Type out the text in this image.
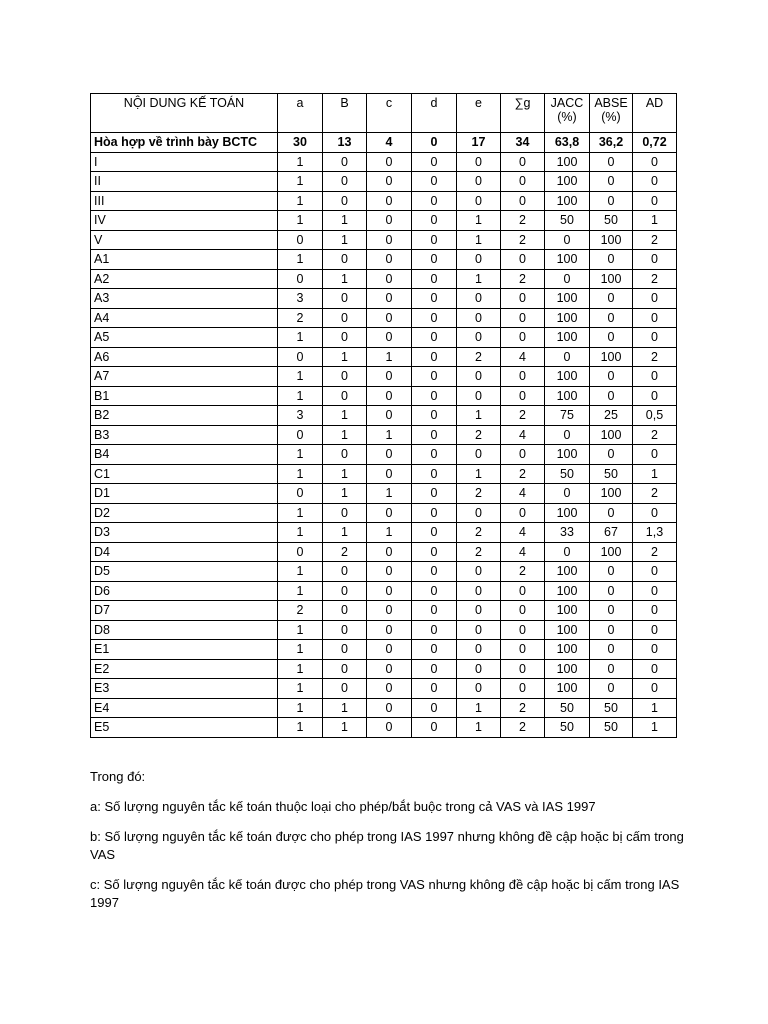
NỘI DUNG KẾ TOÁN	a	B	c	d	e	∑g	JACC (%)	ABSE (%)	AD
Hòa hợp về trình bày BCTC	30	13	4	0	17	34	63,8	36,2	0,72
I	1	0	0	0	0	0	100	0	0
II	1	0	0	0	0	0	100	0	0
III	1	0	0	0	0	0	100	0	0
IV	1	1	0	0	1	2	50	50	1
V	0	1	0	0	1	2	0	100	2
A1	1	0	0	0	0	0	100	0	0
A2	0	1	0	0	1	2	0	100	2
A3	3	0	0	0	0	0	100	0	0
A4	2	0	0	0	0	0	100	0	0
A5	1	0	0	0	0	0	100	0	0
A6	0	1	1	0	2	4	0	100	2
A7	1	0	0	0	0	0	100	0	0
B1	1	0	0	0	0	0	100	0	0
B2	3	1	0	0	1	2	75	25	0,5
B3	0	1	1	0	2	4	0	100	2
B4	1	0	0	0	0	0	100	0	0
C1	1	1	0	0	1	2	50	50	1
D1	0	1	1	0	2	4	0	100	2
D2	1	0	0	0	0	0	100	0	0
D3	1	1	1	0	2	4	33	67	1,3
D4	0	2	0	0	2	4	0	100	2
D5	1	0	0	0	0	2	100	0	0
D6	1	0	0	0	0	0	100	0	0
D7	2	0	0	0	0	0	100	0	0
D8	1	0	0	0	0	0	100	0	0
E1	1	0	0	0	0	0	100	0	0
E2	1	0	0	0	0	0	100	0	0
E3	1	0	0	0	0	0	100	0	0
E4	1	1	0	0	1	2	50	50	1
E5	1	1	0	0	1	2	50	50	1

Trong đó:

a: Số lượng nguyên tắc kế toán thuộc loại cho phép/bắt buộc trong cả VAS và IAS 1997

b: Số lượng nguyên tắc kế toán được cho phép trong IAS 1997 nhưng không đề cập hoặc bị cấm trong VAS

c: Số lượng nguyên tắc kế toán được cho phép trong VAS nhưng không đề cập hoặc bị cấm trong IAS 1997
